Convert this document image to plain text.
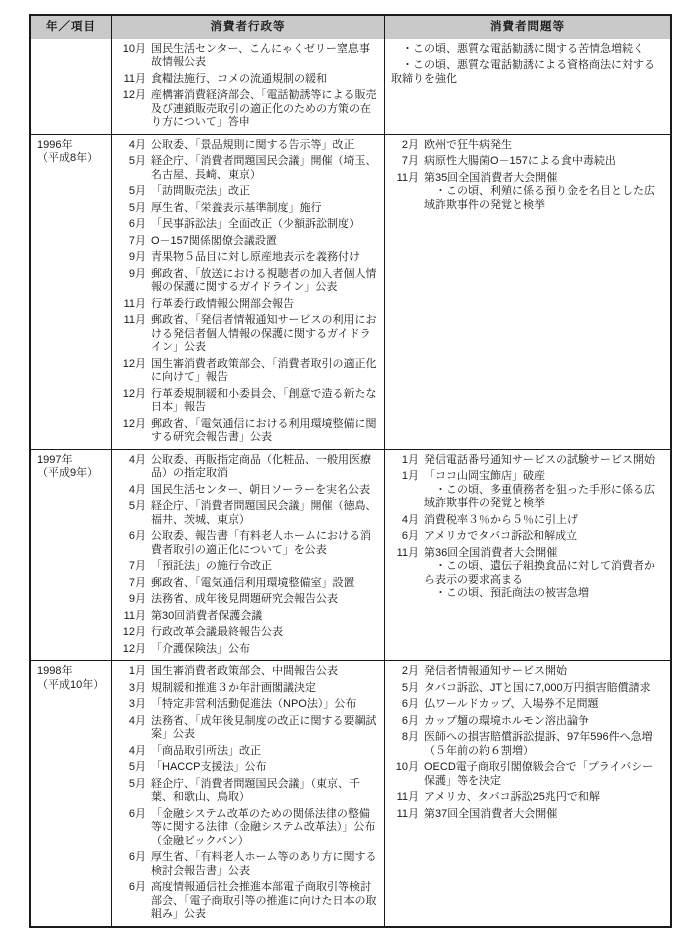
年／項目	消費者行政等	消費者問題等
10月 国民生活センター、こんにゃくゼリー窒息事故情報公表
11月 食糧法施行、コメの流通規制の緩和
12月 産構審消費経済部会、「電話勧誘等による販売及び連鎖販売取引の適正化のための方策の在り方について」答申
・この頃、悪質な電話勧誘に関する苦情急増続く
・この頃、悪質な電話勧誘による資格商法に対する取締りを強化
1996年
（平成8年）
4月 公取委、「景品規則に関する告示等」改正
5月 経企庁、「消費者問題国民会議」開催（埼玉、名古屋、長崎、東京）
5月 「訪問販売法」改正
5月 厚生省、「栄養表示基準制度」施行
6月 「民事訴訟法」全面改正（少額訴訟制度）
7月 O－157関係閣僚会議設置
9月 青果物５品目に対し原産地表示を義務付け
9月 郵政省、「放送における視聴者の加入者個人情報の保護に関するガイドライン」公表
11月 行革委行政情報公開部会報告
11月 郵政省、「発信者情報通知サービスの利用における発信者個人情報の保護に関するガイドライン」公表
12月 国生審消費者政策部会、「消費者取引の適正化に向けて」報告
12月 行革委規制緩和小委員会、「創意で造る新たな日本」報告
12月 郵政省、「電気通信における利用環境整備に関する研究会報告書」公表
2月 欧州で狂牛病発生
7月 病原性大腸菌O－157による食中毒続出
11月 第35回全国消費者大会開催
・この頃、利殖に係る預り金を名目とした広域詐欺事件の発覚と検挙
1997年
（平成9年）
4月 公取委、再販指定商品（化粧品、一般用医療品）の指定取消
4月 国民生活センター、朝日ソーラーを実名公表
5月 経企庁、「消費者問題国民会議」開催（徳島、福井、茨城、東京）
6月 公取委、報告書「有料老人ホームにおける消費者取引の適正化について」を公表
7月 「預託法」の施行令改正
7月 郵政省、「電気通信利用環境整備室」設置
9月 法務省、成年後見問題研究会報告公表
11月 第30回消費者保護会議
12月 行政改革会議最終報告公表
12月 「介護保険法」公布
1月 発信電話番号通知サービスの試験サービス開始
1月 「ココ山岡宝飾店」破産
・この頃、多重債務者を狙った手形に係る広域詐欺事件の発覚と検挙
4月 消費税率３％から５％に引上げ
6月 アメリカでタバコ訴訟和解成立
11月 第36回全国消費者大会開催
・この頃、遺伝子組換食品に対して消費者から表示の要求高まる
・この頃、預託商法の被害急増
1998年
（平成10年）
1月 国生審消費者政策部会、中間報告公表
3月 規制緩和推進３か年計画閣議決定
3月 「特定非営利活動促進法（NPO法）」公布
4月 法務省、「成年後見制度の改正に関する要綱試案」公表
4月 「商品取引所法」改正
5月 「HACCP支援法」公布
5月 経企庁、「消費者問題国民会議」（東京、千葉、和歌山、鳥取）
6月 「金融システム改革のための関係法律の整備等に関する法律（金融システム改革法）」公布（金融ビックバン）
6月 厚生省、「有料老人ホーム等のあり方に関する検討会報告書」公表
6月 高度情報通信社会推進本部電子商取引等検討部会、「電子商取引等の推進に向けた日本の取組み」公表
2月 発信者情報通知サービス開始
5月 タバコ訴訟、JTと国に7,000万円損害賠償請求
6月 仏ワールドカップ、入場券不足問題
6月 カップ麺の環境ホルモン溶出論争
8月 医師への損害賠償訴訟提訴、97年596件へ急増（５年前の約６割増）
10月 OECD電子商取引閣僚級会合で「プライバシー保護」等を決定
11月 アメリカ、タバコ訴訟25兆円で和解
11月 第37回全国消費者大会開催
